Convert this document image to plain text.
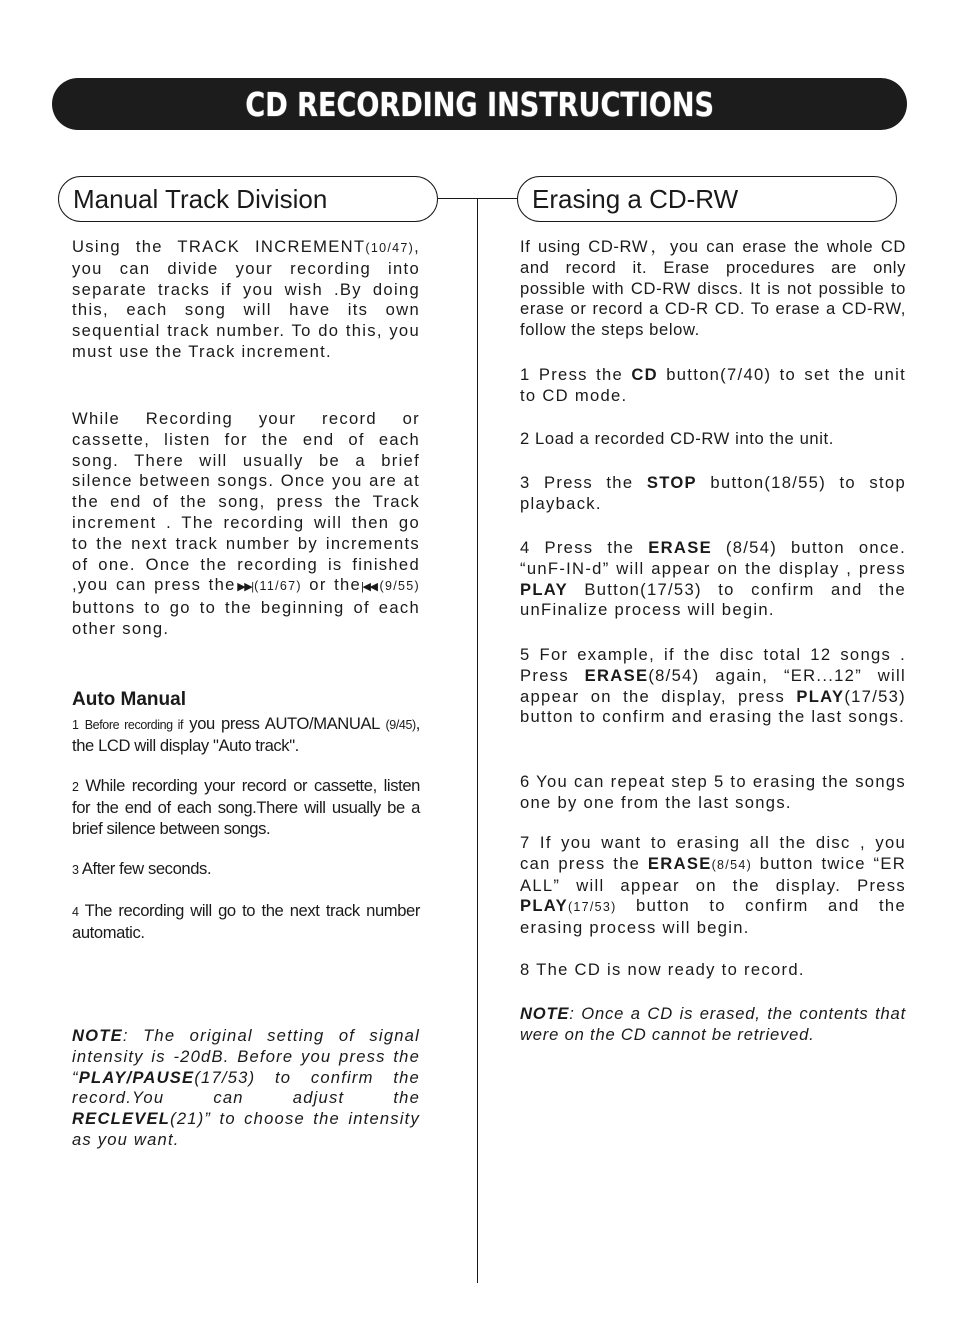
CD RECORDING INSTRUCTIONS
Manual Track Division	Erasing a CD-RW

Using the TRACK INCREMENT(10/47), you can divide your recording into separate tracks if you wish .By doing this, each song will have its own sequential track number. To do this, you must use the Track increment.

While Recording your record or cassette, listen for the end of each song. There will usually be a brief silence between songs. Once you are at the end of the song, press the Track increment . The recording will then go to the next track number by increments of one. Once the recording is finished ,you can press the▶▶| (11/67) or the|◀◀ (9/55) buttons to go to the beginning of each other song.

Auto Manual

1 Before recording if you press AUTO/MANUAL (9/45), the LCD will display "Auto track".

2 While recording your record or cassette, listen for the end of each song.There will usually be a brief silence between songs.

3 After few seconds.

4 The recording will go to the next track number automatic.

NOTE: The original setting of signal intensity is -20dB. Before you press the “PLAY/PAUSE(17/53) to confirm the record.You can adjust the RECLEVEL(21)” to choose the intensity as you want.

If using CD-RW，you can erase the whole CD and record it. Erase procedures are only possible with CD-RW discs. It is not possible to erase or record a CD-R CD. To erase a CD-RW, follow the steps below.

1 Press the CD button(7/40) to set the unit to CD mode.

2 Load a recorded CD-RW into the unit.

3 Press the STOP button(18/55) to stop playback.

4 Press the ERASE (8/54) button once. “unF-IN-d” will appear on the display , press PLAY Button(17/53) to confirm and the unFinalize process will begin.

5 For example, if the disc total 12 songs . Press ERASE(8/54) again, “ER...12” will appear on the display, press PLAY(17/53) button to confirm and erasing the last songs.

6 You can repeat step 5 to erasing the songs one by one from the last songs.

7 If you want to erasing all the disc , you can press the ERASE(8/54) button twice “ER ALL” will appear on the display. Press PLAY(17/53) button to confirm and the erasing process will begin.

8 The CD is now ready to record.

NOTE: Once a CD is erased, the contents that were on the CD cannot be retrieved.
